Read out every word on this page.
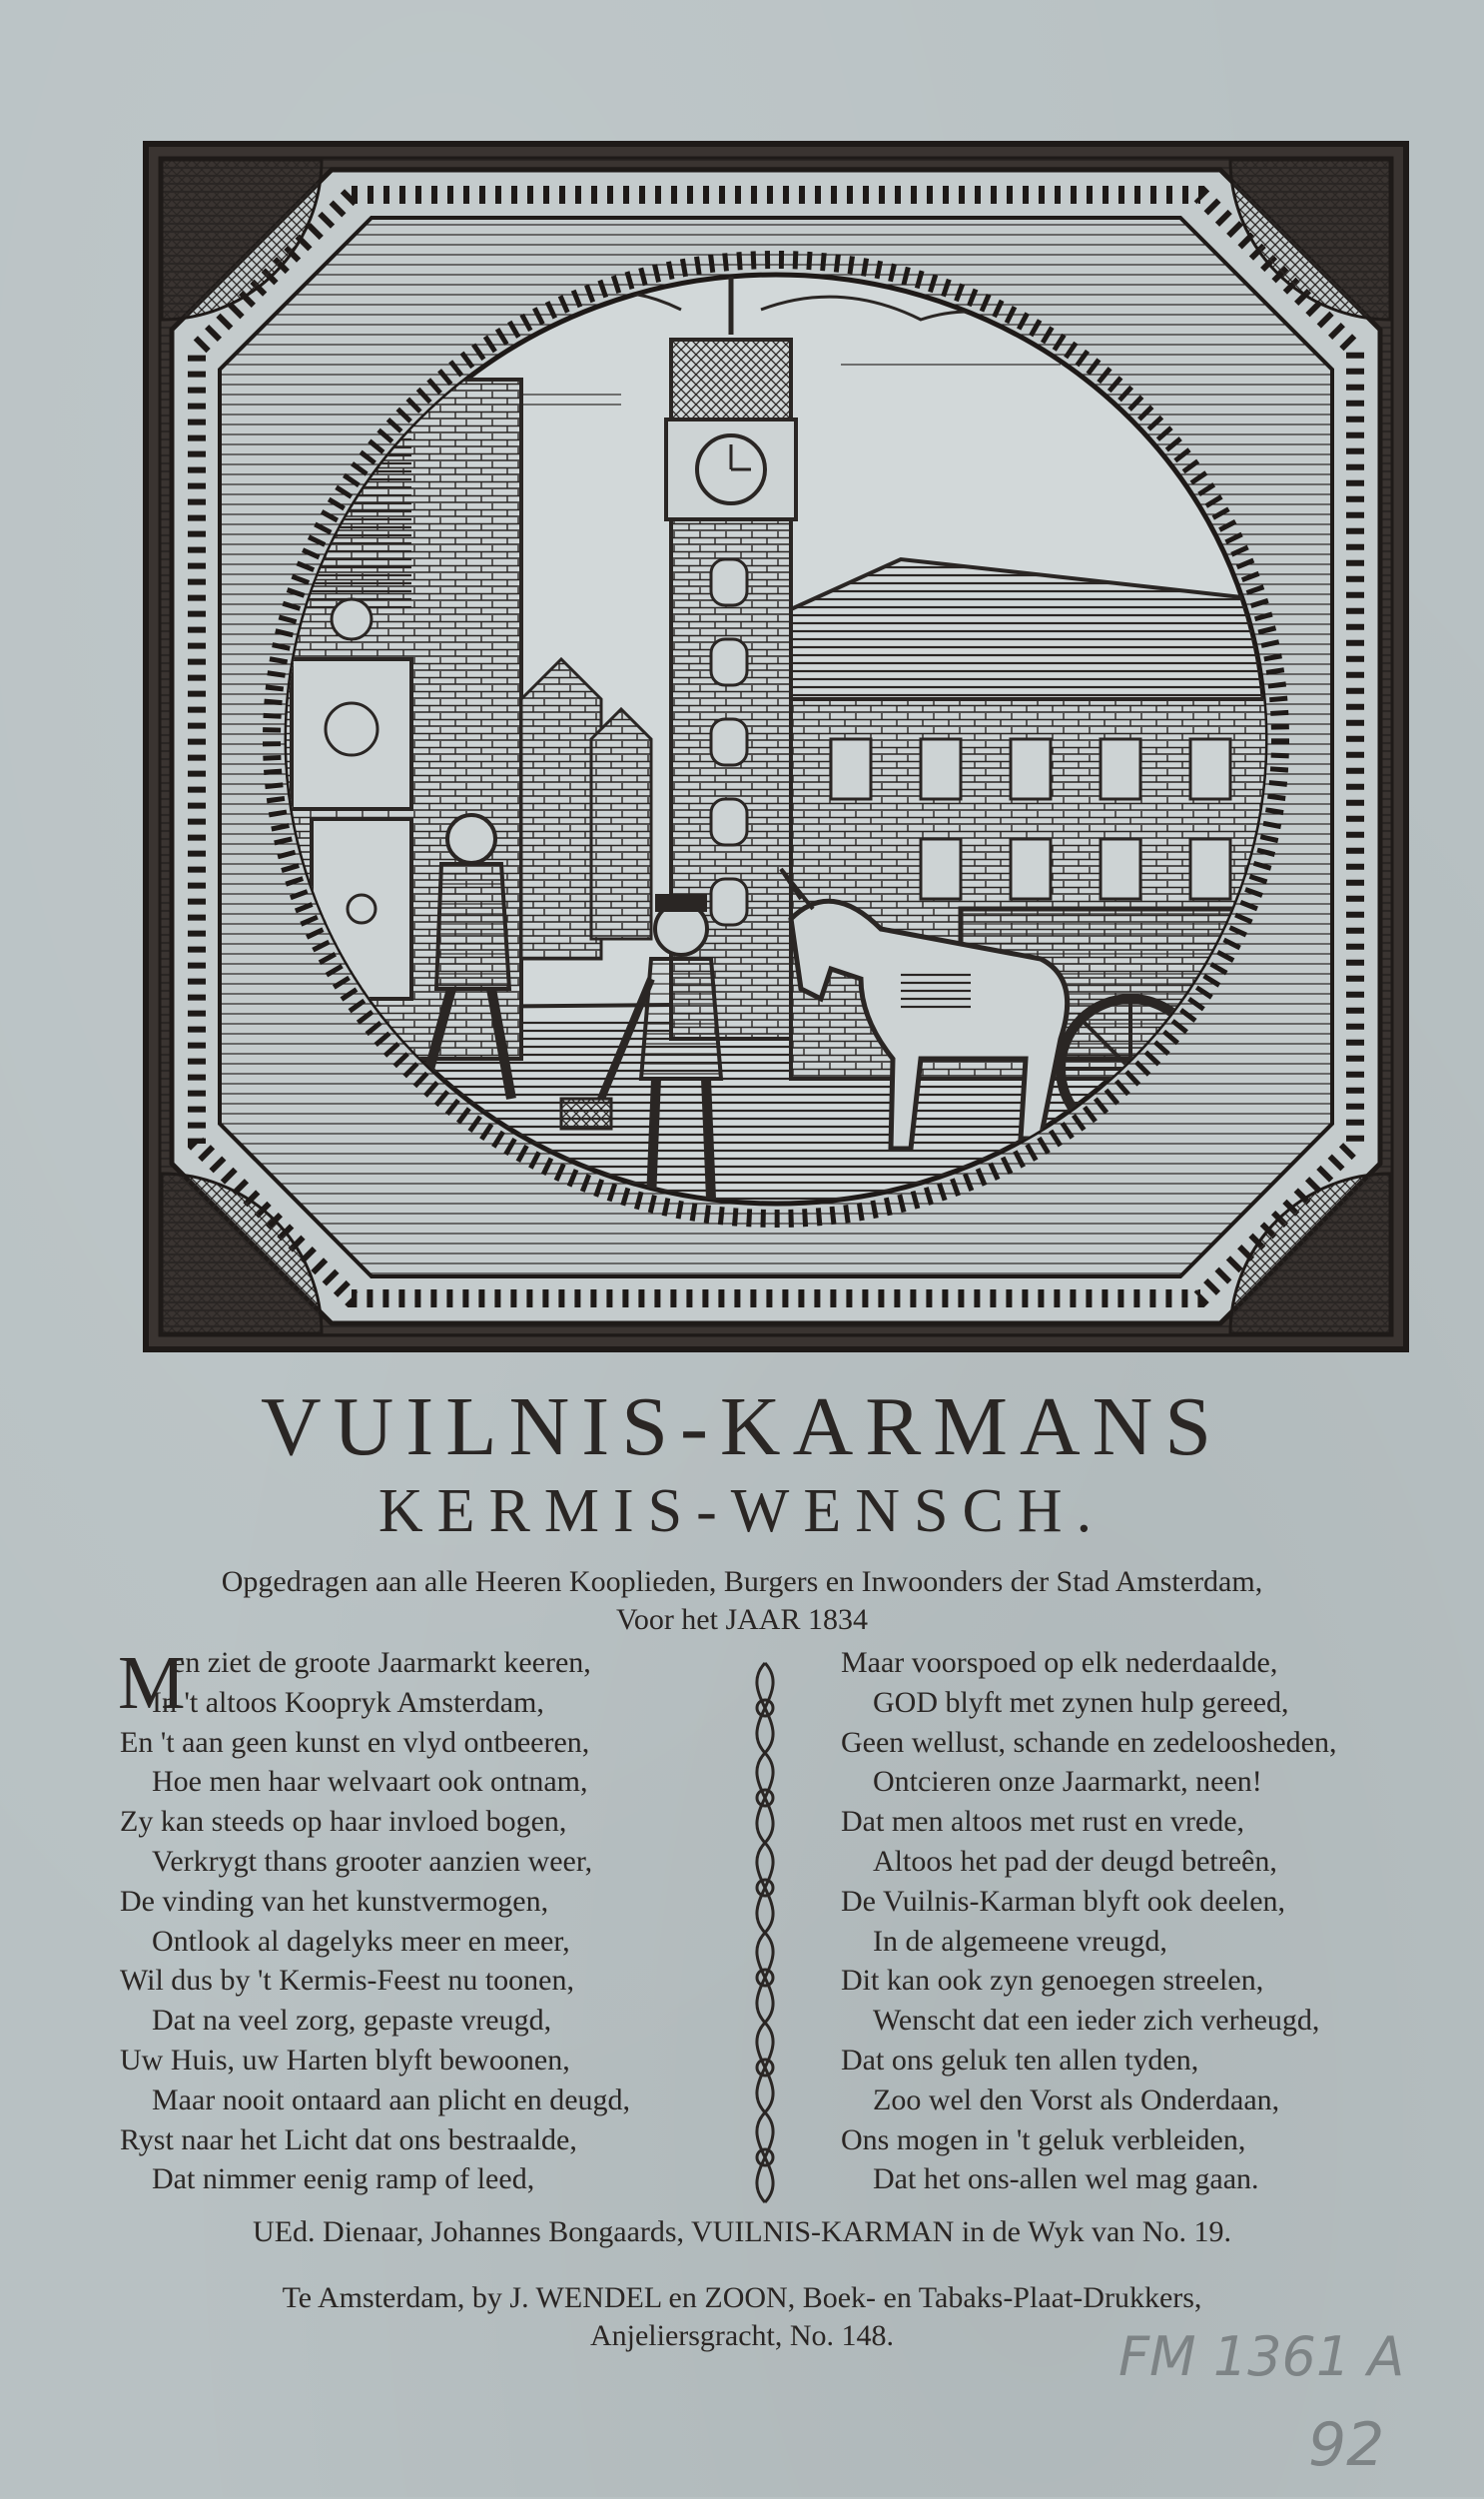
VUILNIS-KARMANS
KERMIS-WENSCH.
Opgedragen aan alle Heeren Kooplieden, Burgers en Inwoonders der Stad Amsterdam,
Voor het JAAR 1834
M
en ziet de groote Jaarmarkt keeren,
In 't altoos Koopryk Amsterdam,
En 't aan geen kunst en vlyd ontbeeren,
Hoe men haar welvaart ook ontnam,
Zy kan steeds op haar invloed bogen,
Verkrygt thans grooter aanzien weer,
De vinding van het kunstvermogen,
Ontlook al dagelyks meer en meer,
Wil dus by 't Kermis-Feest nu toonen,
Dat na veel zorg, gepaste vreugd,
Uw Huis, uw Harten blyft bewoonen,
Maar nooit ontaard aan plicht en deugd,
Ryst naar het Licht dat ons bestraalde,
Dat nimmer eenig ramp of leed,
Maar voorspoed op elk nederdaalde,
GOD blyft met zynen hulp gereed,
Geen wellust, schande en zedeloosheden,
Ontcieren onze Jaarmarkt, neen!
Dat men altoos met rust en vrede,
Altoos het pad der deugd betreên,
De Vuilnis-Karman blyft ook deelen,
In de algemeene vreugd,
Dit kan ook zyn genoegen streelen,
Wenscht dat een ieder zich verheugd,
Dat ons geluk ten allen tyden,
Zoo wel den Vorst als Onderdaan,
Ons mogen in 't geluk verbleiden,
Dat het ons-allen wel mag gaan.
UEd. Dienaar, Johannes Bongaards, VUILNIS-KARMAN in de Wyk van No. 19.
Te Amsterdam, by J. WENDEL en ZOON, Boek- en Tabaks-Plaat-Drukkers,
Anjeliersgracht, No. 148.	FM 1361 A
92
